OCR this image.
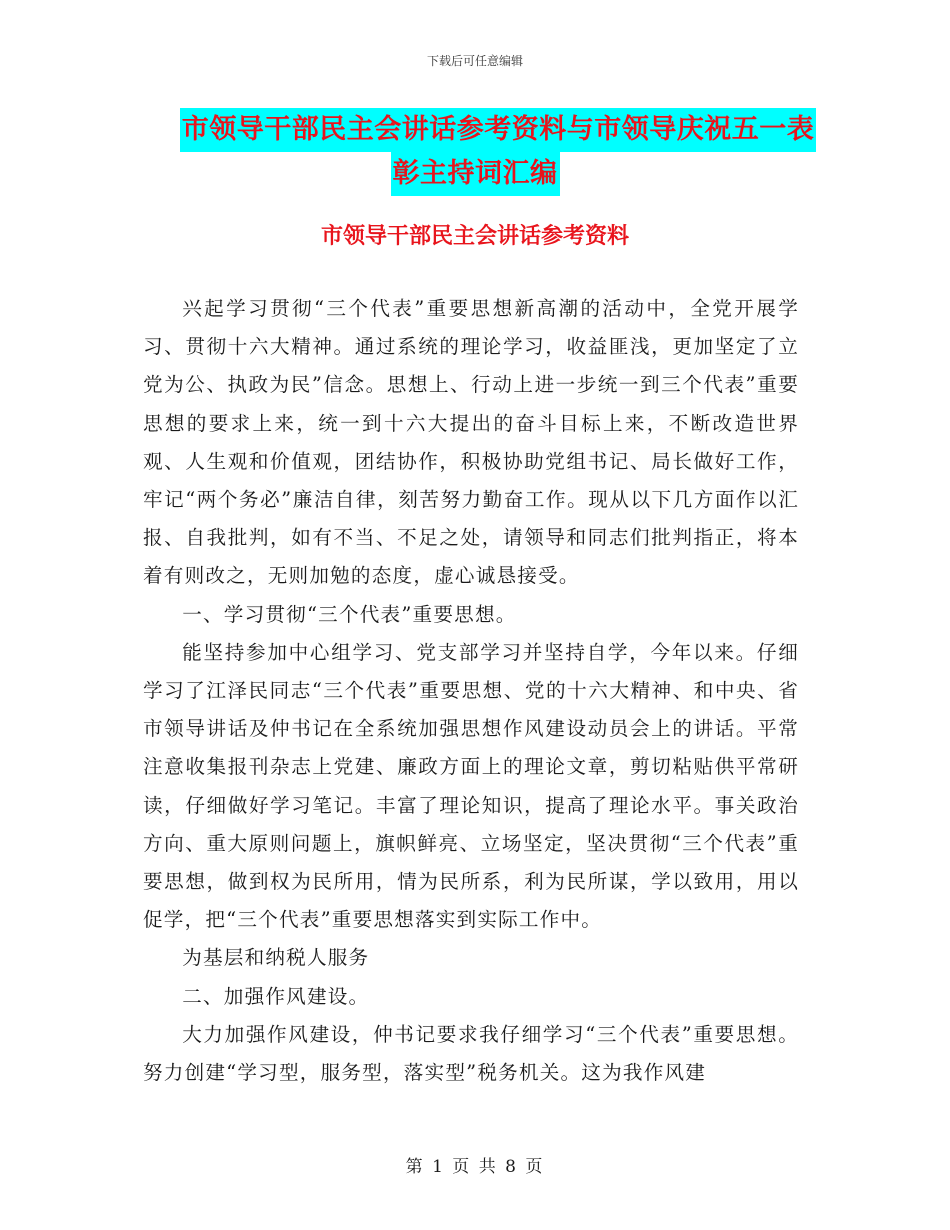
下载后可任意编辑
市领导干部民主会讲话参考资料与市领导庆祝五一表
彰主持词汇编
市领导干部民主会讲话参考资料

兴起学习贯彻“三个代表”重要思想新高潮的活动中，全党开展学习、贯彻十六大精神。通过系统的理论学习，收益匪浅，更加坚定了立党为公、执政为民”信念。思想上、行动上进一步统一到三个代表”重要思想的要求上来，统一到十六大提出的奋斗目标上来，不断改造世界观、人生观和价值观，团结协作，积极协助党组书记、局长做好工作，牢记“两个务必”廉洁自律，刻苦努力勤奋工作。现从以下几方面作以汇报、自我批判，如有不当、不足之处，请领导和同志们批判指正，将本着有则改之，无则加勉的态度，虚心诚恳接受。

一、学习贯彻“三个代表”重要思想。

能坚持参加中心组学习、党支部学习并坚持自学，今年以来。仔细学习了江泽民同志“三个代表”重要思想、党的十六大精神、和中央、省市领导讲话及仲书记在全系统加强思想作风建设动员会上的讲话。平常注意收集报刊杂志上党建、廉政方面上的理论文章，剪切粘贴供平常研读，仔细做好学习笔记。丰富了理论知识，提高了理论水平。事关政治方向、重大原则问题上，旗帜鲜亮、立场坚定，坚决贯彻“三个代表”重要思想，做到权为民所用，情为民所系，利为民所谋，学以致用，用以促学，把“三个代表”重要思想落实到实际工作中。

为基层和纳税人服务

二、加强作风建设。

大力加强作风建设，仲书记要求我仔细学习“三个代表”重要思想。努力创建“学习型，服务型，落实型”税务机关。这为我作风建

第 1 页 共 8 页
